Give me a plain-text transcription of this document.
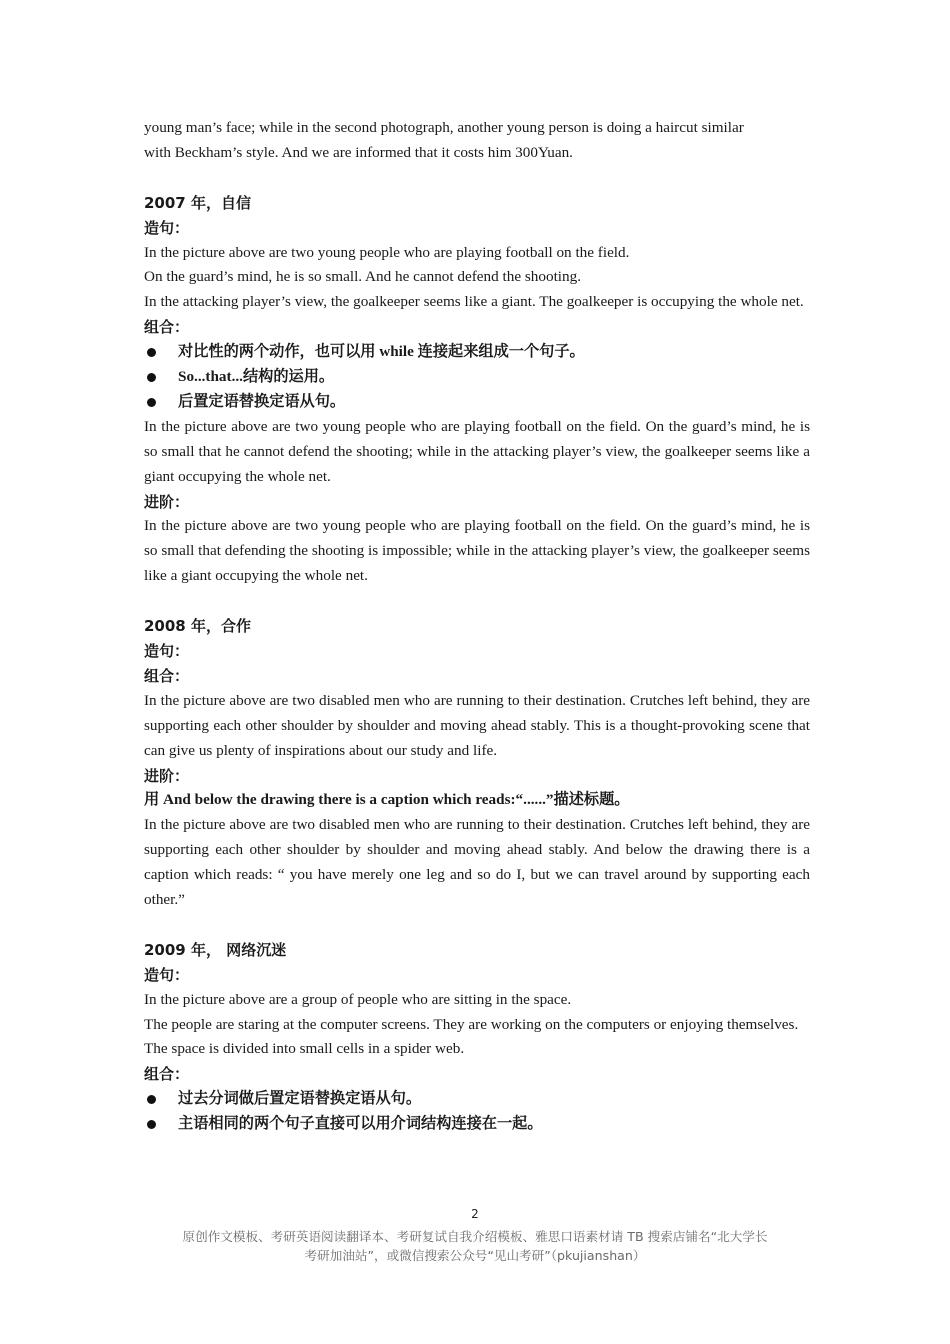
young man’s face; while in the second photograph, another young person is doing a haircut similar
with Beckham’s style. And we are informed that it costs him 300Yuan.
2007 年，自信
造句：
In the picture above are two young people who are playing football on the field.
On the guard’s mind, he is so small. And he cannot defend the shooting.
In the attacking player’s view, the goalkeeper seems like a giant. The goalkeeper is occupying the whole net.
组合：
对比性的两个动作，也可以用 while 连接起来组成一个句子。
So...that...结构的运用。
后置定语替换定语从句。
In the picture above are two young people who are playing football on the field. On the guard’s mind, he is so small that he cannot defend the shooting; while in the attacking player’s view, the goalkeeper seems like a giant occupying the whole net.
进阶：
In the picture above are two young people who are playing football on the field. On the guard’s mind, he is so small that defending the shooting is impossible; while in the attacking player’s view, the goalkeeper seems like a giant occupying the whole net.
2008 年，合作
造句：
组合：
In the picture above are two disabled men who are running to their destination. Crutches left behind, they are supporting each other shoulder by shoulder and moving ahead stably. This is a thought-provoking scene that can give us plenty of inspirations about our study and life.
进阶：
用 And below the drawing there is a caption which reads:“......”描述标题。
In the picture above are two disabled men who are running to their destination. Crutches left behind, they are supporting each other shoulder by shoulder and moving ahead stably. And below the drawing there is a caption which reads: “ you have merely one leg and so do I, but we can travel around by supporting each other.”
2009 年， 网络沉迷
造句：
In the picture above are a group of people who are sitting in the space.
The people are staring at the computer screens. They are working on the computers or enjoying themselves.
The space is divided into small cells in a spider web.
组合：
过去分词做后置定语替换定语从句。
主语相同的两个句子直接可以用介词结构连接在一起。
2
原创作文模板、考研英语阅读翻译本、考研复试自我介绍模板、雅思口语素材请 TB 搜索店铺名“北大学长
考研加油站”，或微信搜索公众号“见山考研”（pkujianshan）
